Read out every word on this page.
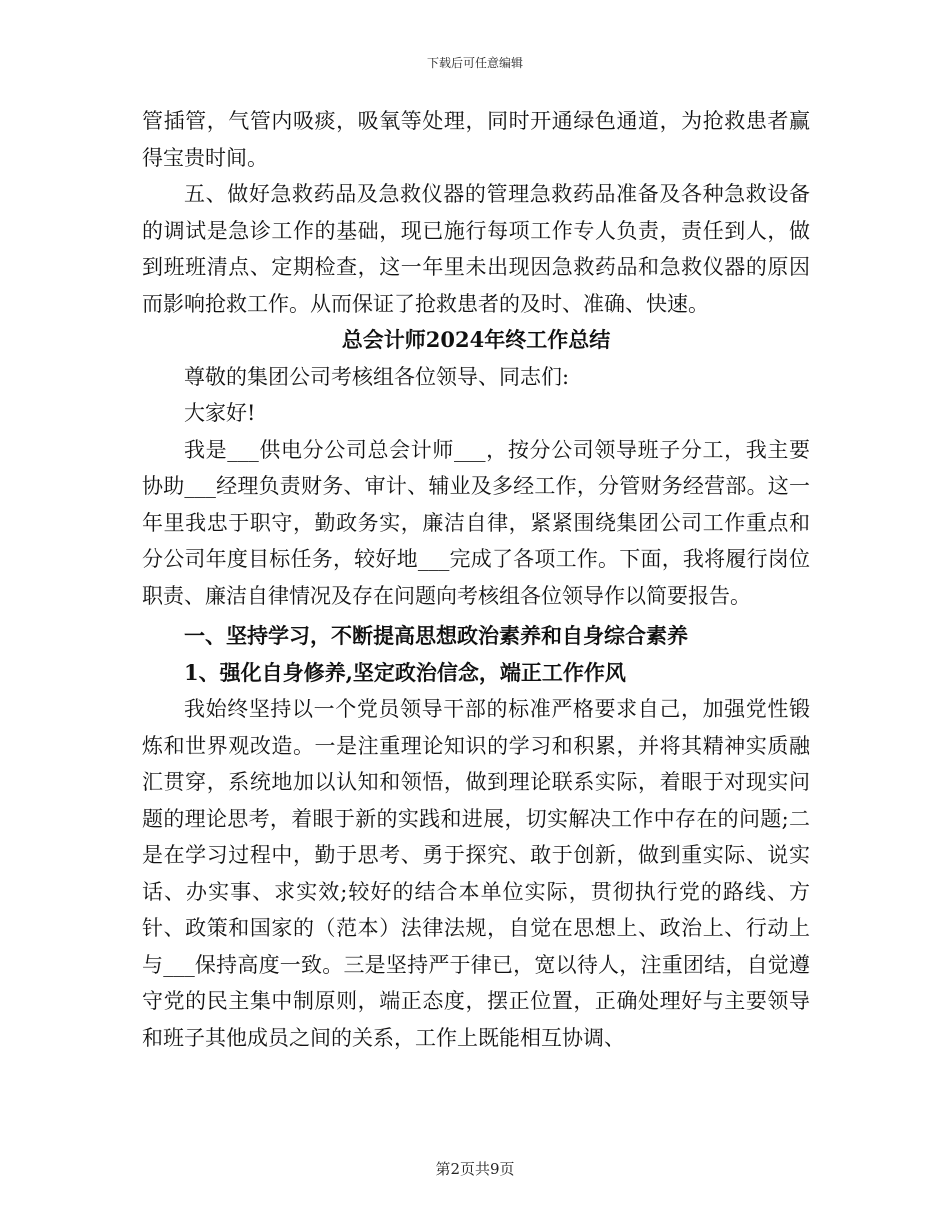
下载后可任意编辑

管插管，气管内吸痰，吸氧等处理，同时开通绿色通道，为抢救患者赢得宝贵时间。

五、做好急救药品及急救仪器的管理急救药品准备及各种急救设备的调试是急诊工作的基础，现已施行每项工作专人负责，责任到人，做到班班清点、定期检查，这一年里未出现因急救药品和急救仪器的原因而影响抢救工作。从而保证了抢救患者的及时、准确、快速。

总会计师2024年终工作总结

尊敬的集团公司考核组各位领导、同志们:

大家好!

我是___供电分公司总会计师___，按分公司领导班子分工，我主要协助___经理负责财务、审计、辅业及多经工作，分管财务经营部。这一年里我忠于职守，勤政务实，廉洁自律，紧紧围绕集团公司工作重点和分公司年度目标任务，较好地___完成了各项工作。下面，我将履行岗位职责、廉洁自律情况及存在问题向考核组各位领导作以简要报告。

一、坚持学习，不断提高思想政治素养和自身综合素养

1、强化自身修养,坚定政治信念，端正工作作风

我始终坚持以一个党员领导干部的标准严格要求自己，加强党性锻炼和世界观改造。一是注重理论知识的学习和积累，并将其精神实质融汇贯穿，系统地加以认知和领悟，做到理论联系实际，着眼于对现实问题的理论思考，着眼于新的实践和进展，切实解决工作中存在的问题;二是在学习过程中，勤于思考、勇于探究、敢于创新，做到重实际、说实话、办实事、求实效;较好的结合本单位实际，贯彻执行党的路线、方针、政策和国家的（范本）法律法规，自觉在思想上、政治上、行动上与___保持高度一致。三是坚持严于律已，宽以待人，注重团结，自觉遵守党的民主集中制原则，端正态度，摆正位置，正确处理好与主要领导和班子其他成员之间的关系，工作上既能相互协调、

第2页共9页
